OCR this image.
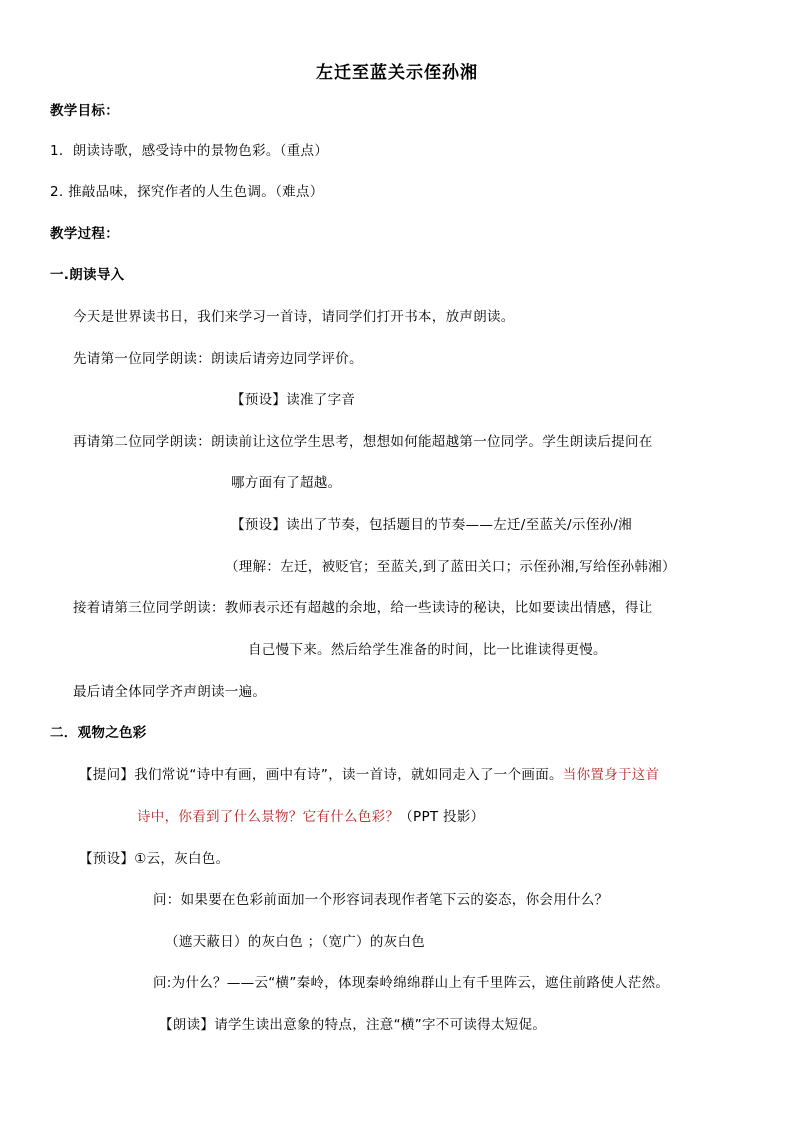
左迁至蓝关示侄孙湘
教学目标：
1．朗读诗歌，感受诗中的景物色彩。（重点）
2. 推敲品味，探究作者的人生色调。（难点）
教学过程：
一.朗读导入
今天是世界读书日，我们来学习一首诗，请同学们打开书本，放声朗读。
先请第一位同学朗读：朗读后请旁边同学评价。
【预设】读准了字音
再请第二位同学朗读：朗读前让这位学生思考，想想如何能超越第一位同学。学生朗读后提问在
哪方面有了超越。
【预设】读出了节奏，包括题目的节奏——左迁/至蓝关/示侄孙/湘
（理解：左迁，被贬官；至蓝关,到了蓝田关口；示侄孙湘,写给侄孙韩湘）
接着请第三位同学朗读：教师表示还有超越的余地，给一些读诗的秘诀，比如要读出情感，得让
自己慢下来。然后给学生准备的时间，比一比谁读得更慢。
最后请全体同学齐声朗读一遍。
二．观物之色彩
【提问】我们常说“诗中有画，画中有诗”，读一首诗，就如同走入了一个画面。当你置身于这首
诗中，你看到了什么景物？它有什么色彩？（PPT 投影）
【预设】①云，灰白色。
问：如果要在色彩前面加一个形容词表现作者笔下云的姿态，你会用什么？
（遮天蔽日）的灰白色 ；（宽广）的灰白色
问:为什么？——云“横”秦岭，体现秦岭绵绵群山上有千里阵云，遮住前路使人茫然。
【朗读】请学生读出意象的特点，注意“横”字不可读得太短促。
